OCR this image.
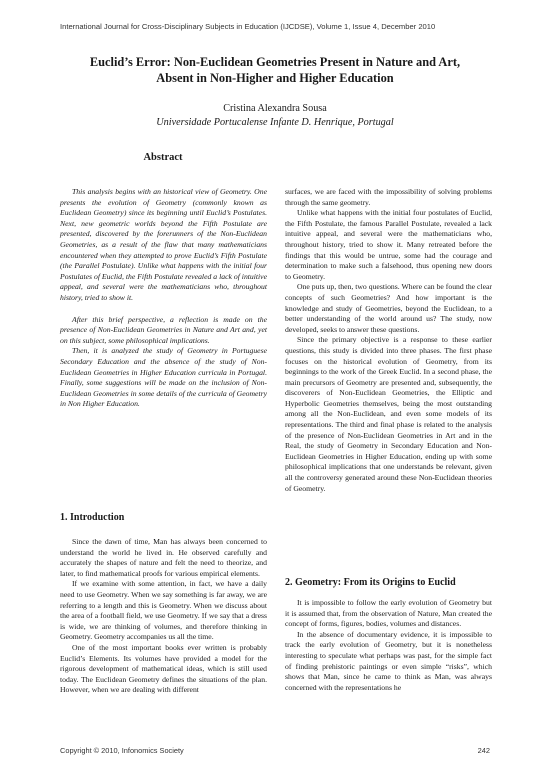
International Journal for Cross-Disciplinary Subjects in Education (IJCDSE), Volume 1, Issue 4, December 2010
Euclid’s Error: Non-Euclidean Geometries Present in Nature and Art,
Absent in Non-Higher and Higher Education
Cristina Alexandra Sousa
Universidade Portucalense Infante D. Henrique, Portugal
Abstract

This analysis begins with an historical view of Geometry. One presents the evolution of Geometry (commonly known as Euclidean Geometry) since its beginning until Euclid’s Postulates. Next, new geometric worlds beyond the Fifth Postulate are presented, discovered by the forerunners of the Non-Euclidean Geometries, as a result of the flaw that many mathematicians encountered when they attempted to prove Euclid’s Fifth Postulate (the Parallel Postulate). Unlike what happens with the initial four Postulates of Euclid, the Fifth Postulate revealed a lack of intuitive appeal, and several were the mathematicians who, throughout history, tried to show it.

After this brief perspective, a reflection is made on the presence of Non-Euclidean Geometries in Nature and Art and, yet on this subject, some philosophical implications.

Then, it is analyzed the study of Geometry in Portuguese Secondary Education and the absence of the study of Non-Euclidean Geometries in Higher Education curricula in Portugal. Finally, some suggestions will be made on the inclusion of Non-Euclidean Geometries in some details of the curricula of Geometry in Non Higher Education.

1. Introduction

Since the dawn of time, Man has always been concerned to understand the world he lived in. He observed carefully and accurately the shapes of nature and felt the need to theorize, and later, to find mathematical proofs for various empirical elements.

If we examine with some attention, in fact, we have a daily need to use Geometry. When we say something is far away, we are referring to a length and this is Geometry. When we discuss about the area of a football field, we use Geometry. If we say that a dress is wide, we are thinking of volumes, and therefore thinking in Geometry. Geometry accompanies us all the time.

One of the most important books ever written is probably Euclid’s Elements. Its volumes have provided a model for the rigorous development of mathematical ideas, which is still used today. The Euclidean Geometry defines the situations of the plan. However, when we are dealing with different

surfaces, we are faced with the impossibility of solving problems through the same geometry.

Unlike what happens with the initial four postulates of Euclid, the Fifth Postulate, the famous Parallel Postulate, revealed a lack intuitive appeal, and several were the mathematicians who, throughout history, tried to show it. Many retreated before the findings that this would be untrue, some had the courage and determination to make such a falsehood, thus opening new doors to Geometry.

One puts up, then, two questions. Where can be found the clear concepts of such Geometries? And how important is the knowledge and study of Geometries, beyond the Euclidean, to a better understanding of the world around us? The study, now developed, seeks to answer these questions.

Since the primary objective is a response to these earlier questions, this study is divided into three phases. The first phase focuses on the historical evolution of Geometry, from its beginnings to the work of the Greek Euclid. In a second phase, the main precursors of Geometry are presented and, subsequently, the discoverers of Non-Euclidean Geometries, the Elliptic and Hyperbolic Geometries themselves, being the most outstanding among all the Non-Euclidean, and even some models of its representations. The third and final phase is related to the analysis of the presence of Non-Euclidean Geometries in Art and in the Real, the study of Geometry in Secondary Education and Non-Euclidean Geometries in Higher Education, ending up with some philosophical implications that one understands be relevant, given all the controversy generated around these Non-Euclidean theories of Geometry.

2. Geometry: From its Origins to Euclid

It is impossible to follow the early evolution of Geometry but it is assumed that, from the observation of Nature, Man created the concept of forms, figures, bodies, volumes and distances.

In the absence of documentary evidence, it is impossible to track the early evolution of Geometry, but it is nonetheless interesting to speculate what perhaps was past, for the simple fact of finding prehistoric paintings or even simple “risks”, which shows that Man, since he came to think as Man, was always concerned with the representations he

Copyright © 2010, Infonomics Society	242
